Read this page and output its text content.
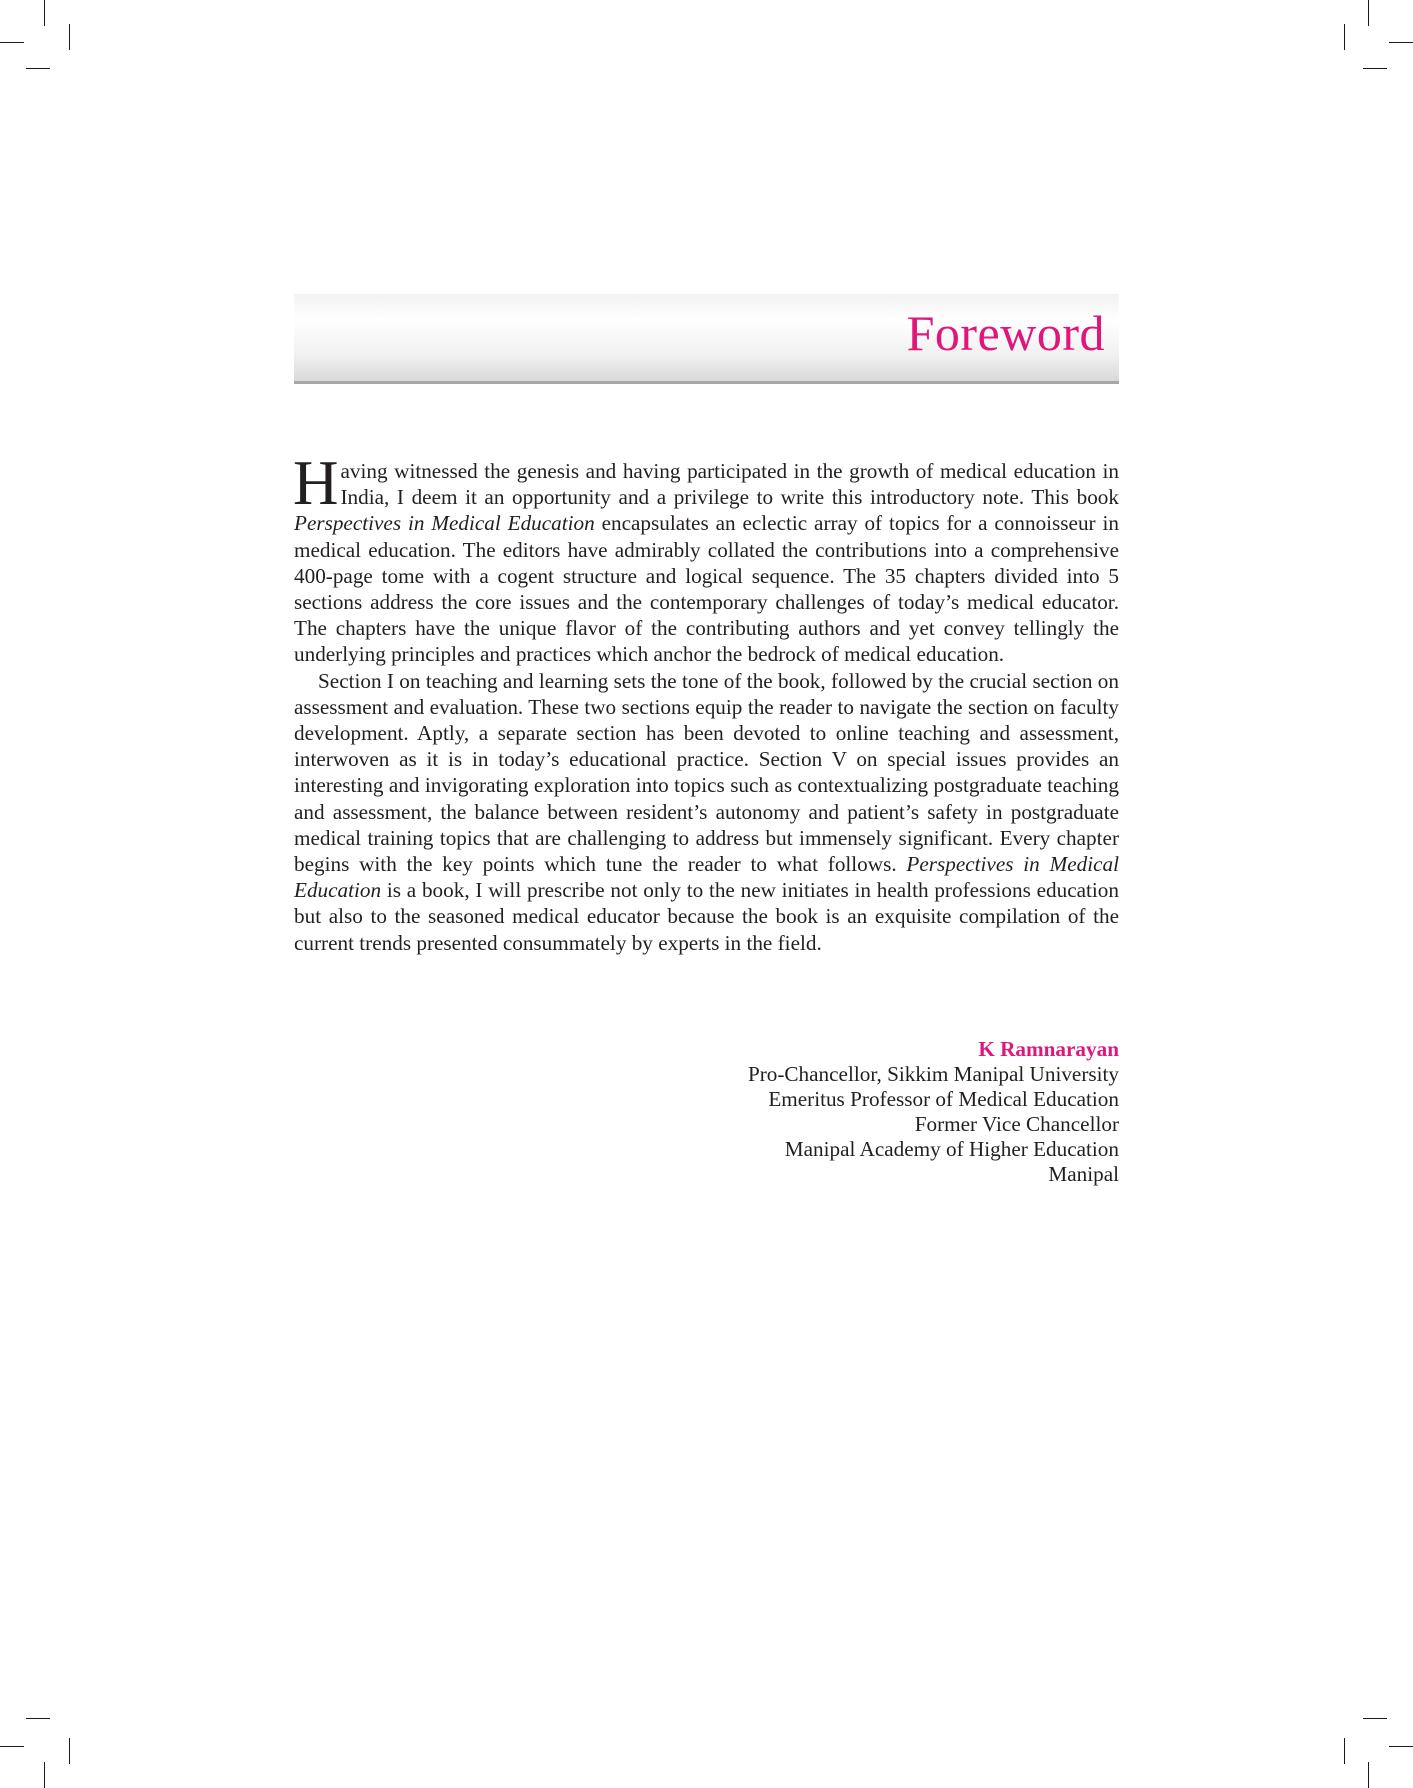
Foreword

Having witnessed the genesis and having participated in the growth of medical education in India, I deem it an opportunity and a privilege to write this introductory note. This book Perspectives in Medical Education encapsulates an eclectic array of topics for a connoisseur in medical education. The editors have admirably collated the contributions into a comprehensive 400-page tome with a cogent structure and logical sequence. The 35 chapters divided into 5 sections address the core issues and the contemporary challenges of today’s medical educator. The chapters have the unique flavor of the contributing authors and yet convey tellingly the underlying principles and practices which anchor the bedrock of medical education.

Section I on teaching and learning sets the tone of the book, followed by the crucial section on assessment and evaluation. These two sections equip the reader to navigate the section on faculty development. Aptly, a separate section has been devoted to online teaching and assessment, interwoven as it is in today’s educational practice. Section V on special issues provides an interesting and invigorating exploration into topics such as contextualizing postgraduate teaching and assessment, the balance between resident’s autonomy and patient’s safety in postgraduate medical training topics that are challenging to address but immensely significant. Every chapter begins with the key points which tune the reader to what follows. Perspectives in Medical Education is a book, I will prescribe not only to the new initiates in health professions education but also to the seasoned medical educator because the book is an exquisite compilation of the current trends presented consummately by experts in the field.

K Ramnarayan
Pro-Chancellor, Sikkim Manipal University
Emeritus Professor of Medical Education
Former Vice Chancellor
Manipal Academy of Higher Education
Manipal
